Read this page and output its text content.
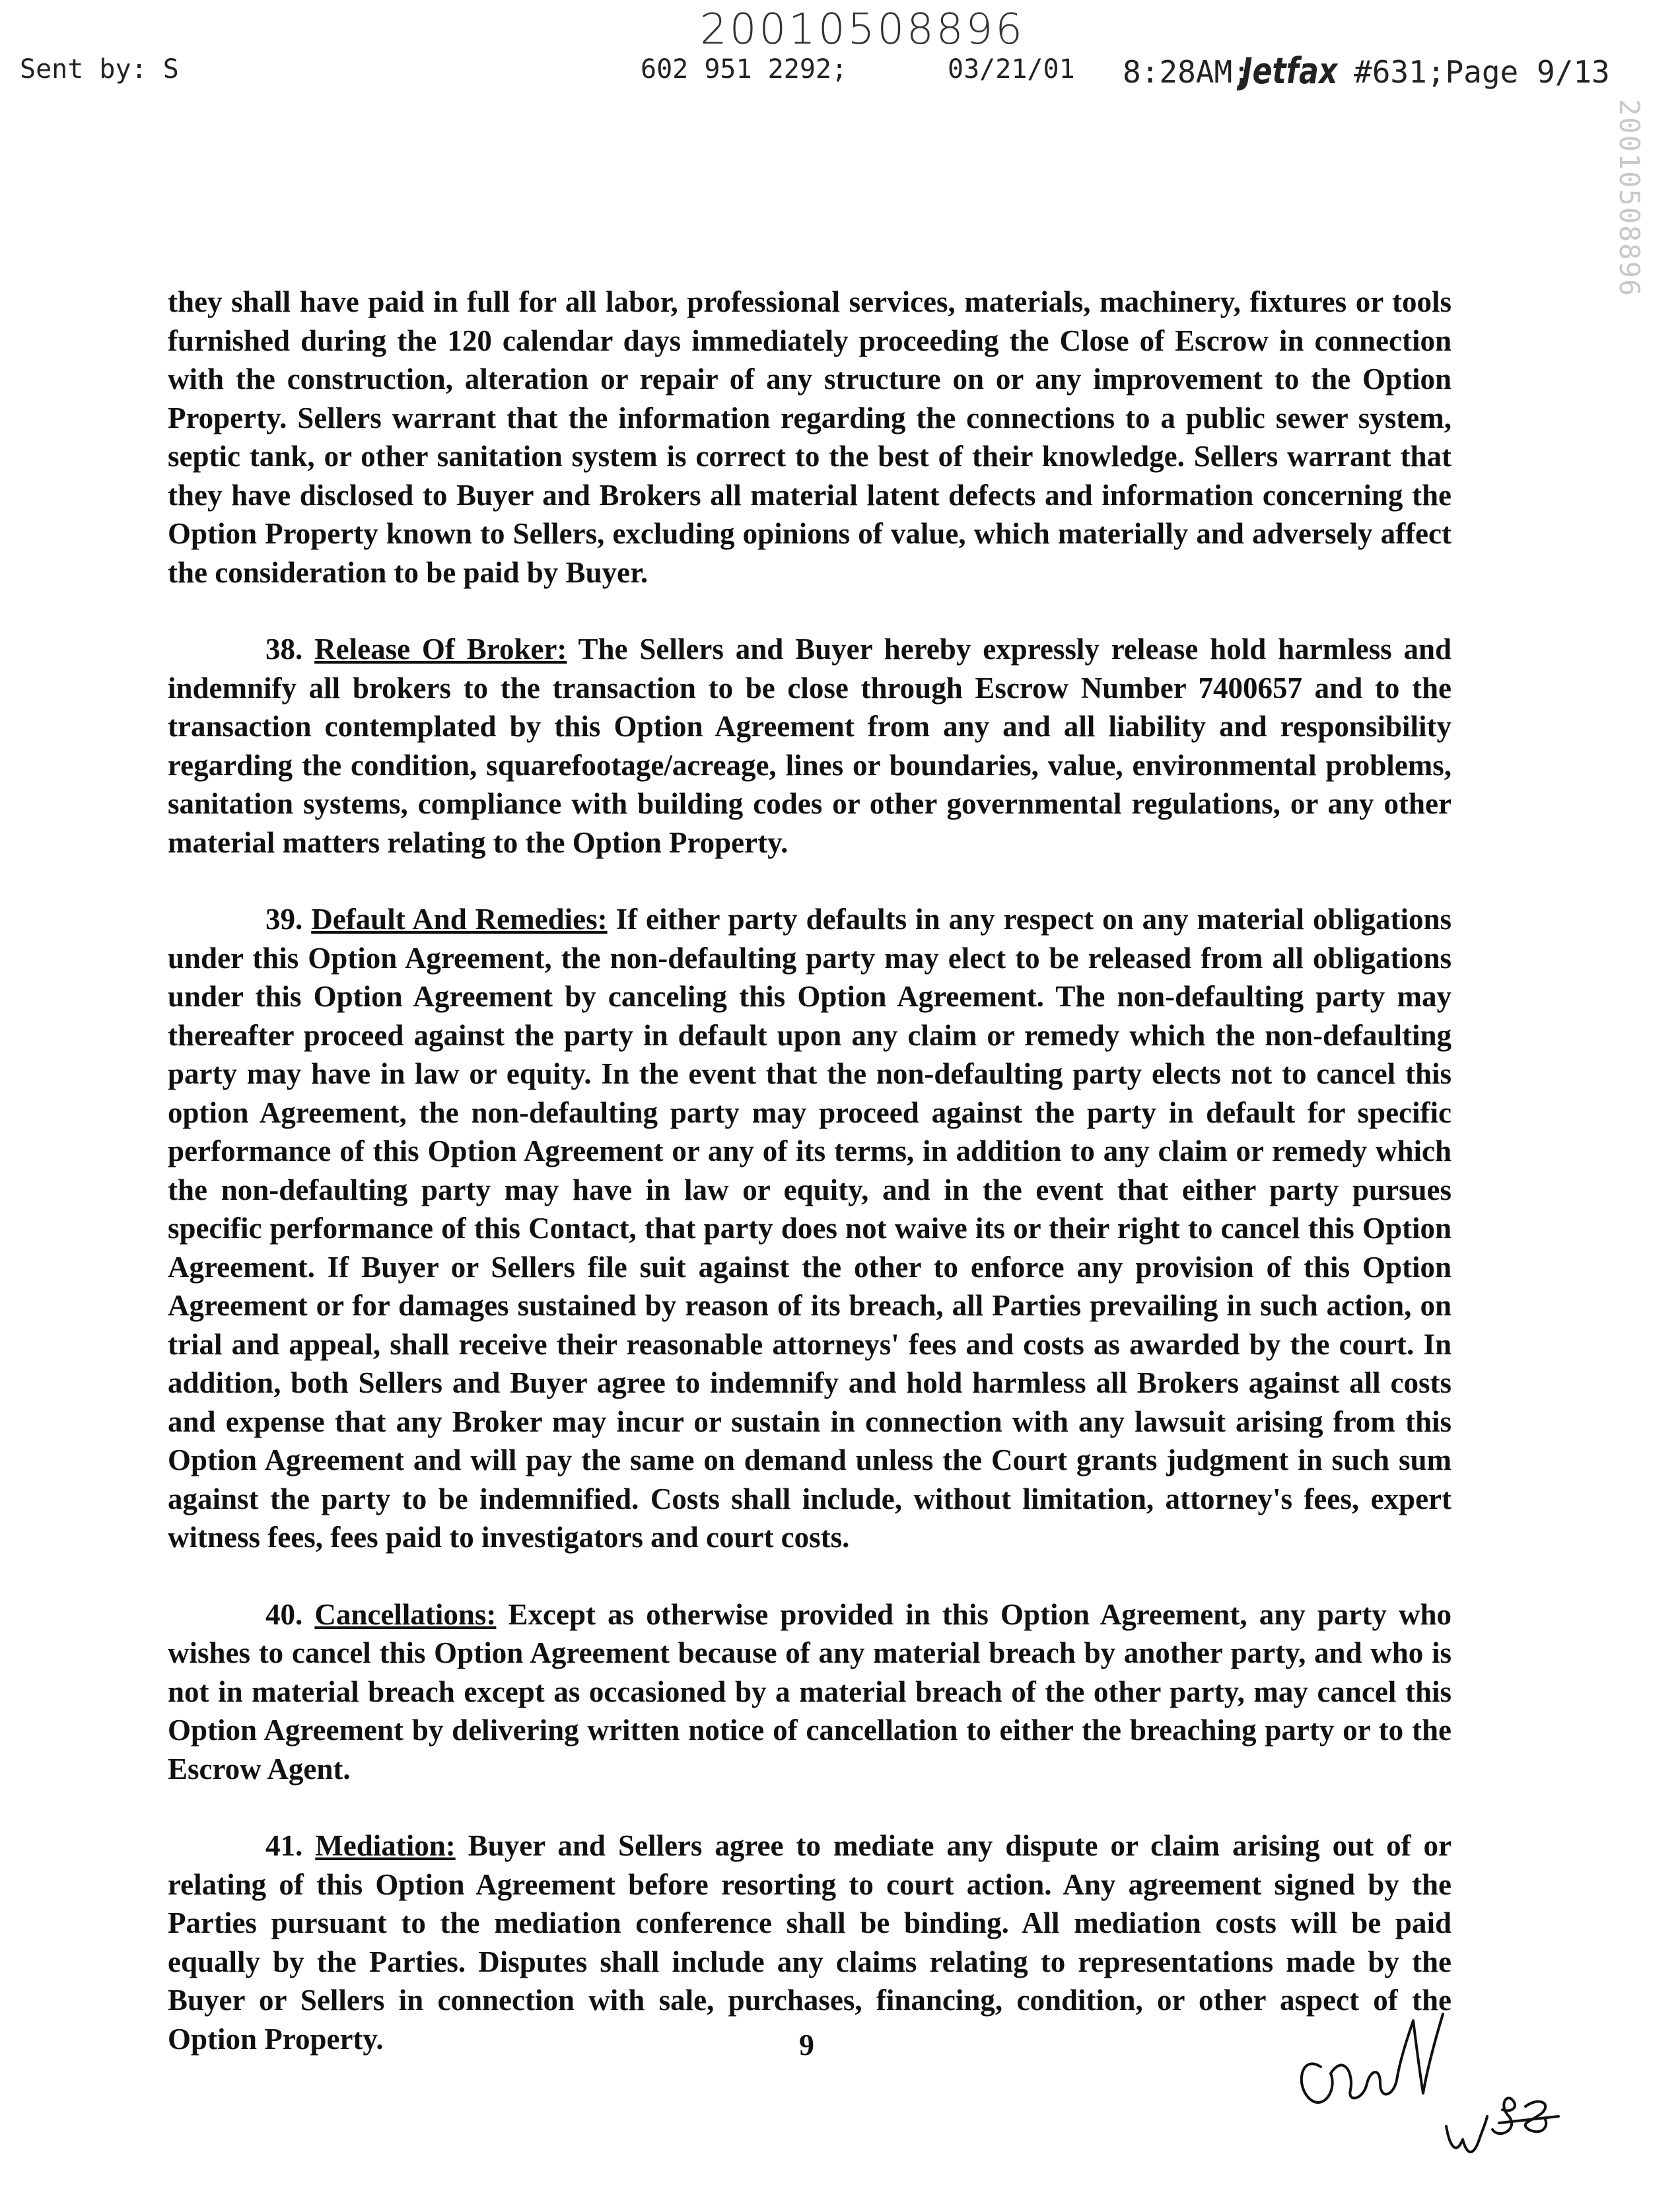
20010508896
Sent by: S	602 951 2292;	03/21/01 8:28AM;
Jetfax #631;Page 9/13
20010508896

they shall have paid in full for all labor, professional services, materials, machinery, fixtures or tools furnished during the 120 calendar days immediately proceeding the Close of Escrow in connection with the construction, alteration or repair of any structure on or any improvement to the Option Property. Sellers warrant that the information regarding the connections to a public sewer system, septic tank, or other sanitation system is correct to the best of their knowledge. Sellers warrant that they have disclosed to Buyer and Brokers all material latent defects and information concerning the Option Property known to Sellers, excluding opinions of value, which materially and adversely affect the consideration to be paid by Buyer.

38. Release Of Broker: The Sellers and Buyer hereby expressly release hold harmless and indemnify all brokers to the transaction to be close through Escrow Number 7400657 and to the transaction contemplated by this Option Agreement from any and all liability and responsibility regarding the condition, squarefootage/acreage, lines or boundaries, value, environmental problems, sanitation systems, compliance with building codes or other governmental regulations, or any other material matters relating to the Option Property.

39. Default And Remedies: If either party defaults in any respect on any material obligations under this Option Agreement, the non-defaulting party may elect to be released from all obligations under this Option Agreement by canceling this Option Agreement. The non-defaulting party may thereafter proceed against the party in default upon any claim or remedy which the non-defaulting party may have in law or equity. In the event that the non-defaulting party elects not to cancel this option Agreement, the non-defaulting party may proceed against the party in default for specific performance of this Option Agreement or any of its terms, in addition to any claim or remedy which the non-defaulting party may have in law or equity, and in the event that either party pursues specific performance of this Contact, that party does not waive its or their right to cancel this Option Agreement. If Buyer or Sellers file suit against the other to enforce any provision of this Option Agreement or for damages sustained by reason of its breach, all Parties prevailing in such action, on trial and appeal, shall receive their reasonable attorneys' fees and costs as awarded by the court. In addition, both Sellers and Buyer agree to indemnify and hold harmless all Brokers against all costs and expense that any Broker may incur or sustain in connection with any lawsuit arising from this Option Agreement and will pay the same on demand unless the Court grants judgment in such sum against the party to be indemnified. Costs shall include, without limitation, attorney's fees, expert witness fees, fees paid to investigators and court costs.

40. Cancellations: Except as otherwise provided in this Option Agreement, any party who wishes to cancel this Option Agreement because of any material breach by another party, and who is not in material breach except as occasioned by a material breach of the other party, may cancel this Option Agreement by delivering written notice of cancellation to either the breaching party or to the Escrow Agent.

41. Mediation: Buyer and Sellers agree to mediate any dispute or claim arising out of or relating of this Option Agreement before resorting to court action. Any agreement signed by the Parties pursuant to the mediation conference shall be binding. All mediation costs will be paid equally by the Parties. Disputes shall include any claims relating to representations made by the Buyer or Sellers in connection with sale, purchases, financing, condition, or other aspect of the Option Property.	9
